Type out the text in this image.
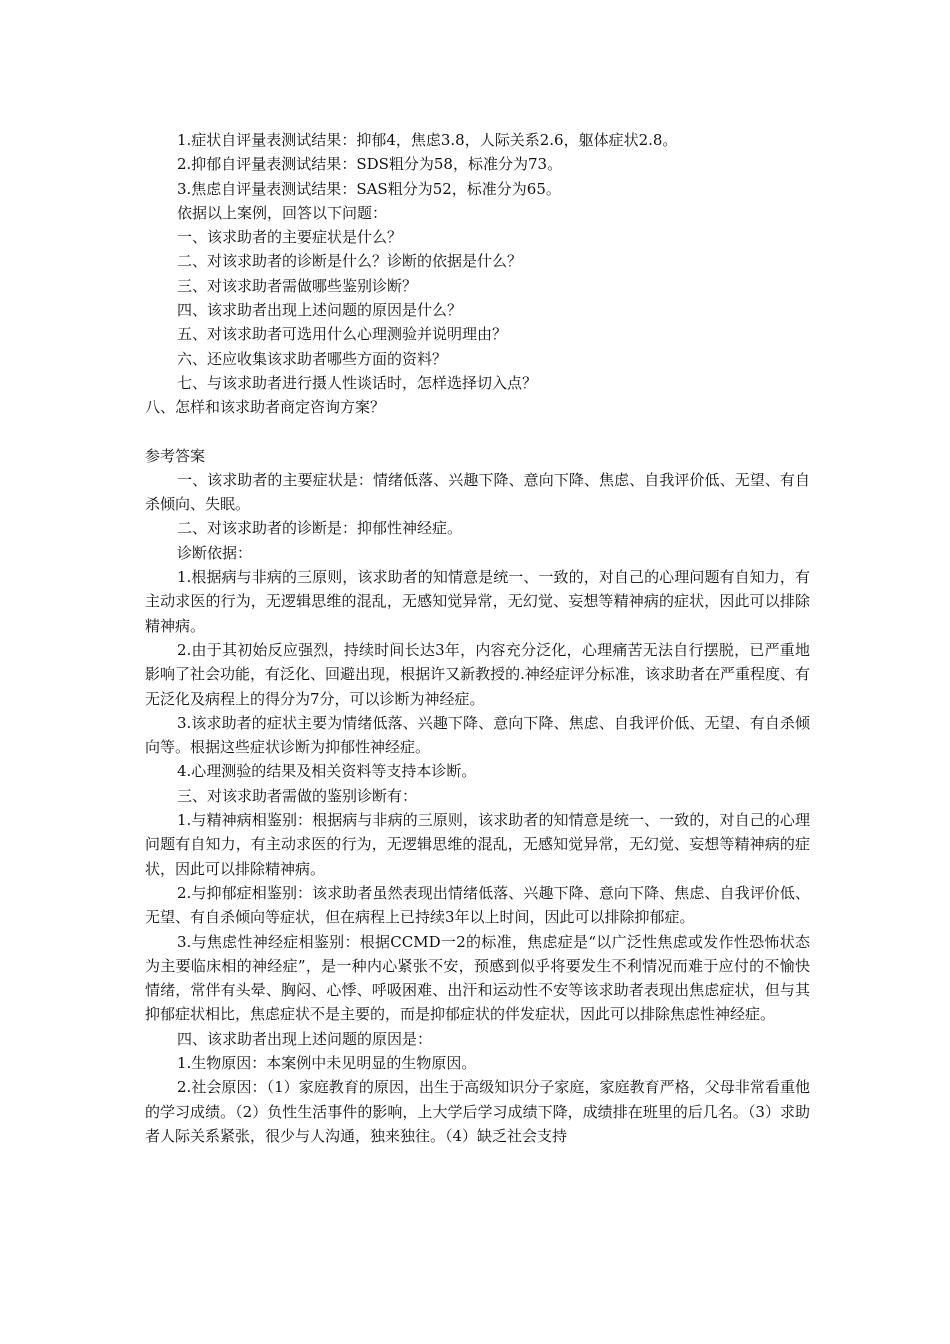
1.症状自评量表测试结果：抑郁4，焦虑3.8，人际关系2.6，躯体症状2.8。

2.抑郁自评量表测试结果：SDS粗分为58，标准分为73。

3.焦虑自评量表测试结果：SAS粗分为52，标准分为65。

依据以上案例，回答以下问题：

一、该求助者的主要症状是什么？

二、对该求助者的诊断是什么？诊断的依据是什么？

三、对该求助者需做哪些鉴别诊断？

四、该求助者出现上述问题的原因是什么？

五、对该求助者可选用什么心理测验并说明理由？

六、还应收集该求助者哪些方面的资料？

七、与该求助者进行摄人性谈话时，怎样选择切入点？

八、怎样和该求助者商定咨询方案？

参考答案

一、该求助者的主要症状是：情绪低落、兴趣下降、意向下降、焦虑、自我评价低、无望、有自杀倾向、失眠。

二、对该求助者的诊断是：抑郁性神经症。

诊断依据：

1.根据病与非病的三原则，该求助者的知情意是统一、一致的，对自己的心理问题有自知力，有主动求医的行为，无逻辑思维的混乱，无感知觉异常，无幻觉、妄想等精神病的症状，因此可以排除精神病。

2.由于其初始反应强烈，持续时间长达3年，内容充分泛化，心理痛苦无法自行摆脱，已严重地影响了社会功能，有泛化、回避出现，根据许又新教授的.神经症评分标准，该求助者在严重程度、有无泛化及病程上的得分为7分，可以诊断为神经症。

3.该求助者的症状主要为情绪低落、兴趣下降、意向下降、焦虑、自我评价低、无望、有自杀倾向等。根据这些症状诊断为抑郁性神经症。

4.心理测验的结果及相关资料等支持本诊断。

三、对该求助者需做的鉴别诊断有：

1.与精神病相鉴别：根据病与非病的三原则，该求助者的知情意是统一、一致的，对自己的心理问题有自知力，有主动求医的行为，无逻辑思维的混乱，无感知觉异常，无幻觉、妄想等精神病的症状，因此可以排除精神病。

2.与抑郁症相鉴别：该求助者虽然表现出情绪低落、兴趣下降、意向下降、焦虑、自我评价低、无望、有自杀倾向等症状，但在病程上已持续3年以上时间，因此可以排除抑郁症。

3.与焦虑性神经症相鉴别：根据CCMD一2的标准，焦虑症是“以广泛性焦虑或发作性恐怖状态为主要临床相的神经症”，是一种内心紧张不安，预感到似乎将要发生不利情况而难于应付的不愉快情绪，常伴有头晕、胸闷、心悸、呼吸困难、出汗和运动性不安等该求助者表现出焦虑症状，但与其抑郁症状相比，焦虑症状不是主要的，而是抑郁症状的伴发症状，因此可以排除焦虑性神经症。

四、该求助者出现上述问题的原因是：

1.生物原因：本案例中未见明显的生物原因。

2.社会原因：（1）家庭教育的原因，出生于高级知识分子家庭，家庭教育严格，父母非常看重他的学习成绩。（2）负性生活事件的影响，上大学后学习成绩下降，成绩排在班里的后几名。（3）求助者人际关系紧张，很少与人沟通，独来独往。（4）缺乏社会支持
